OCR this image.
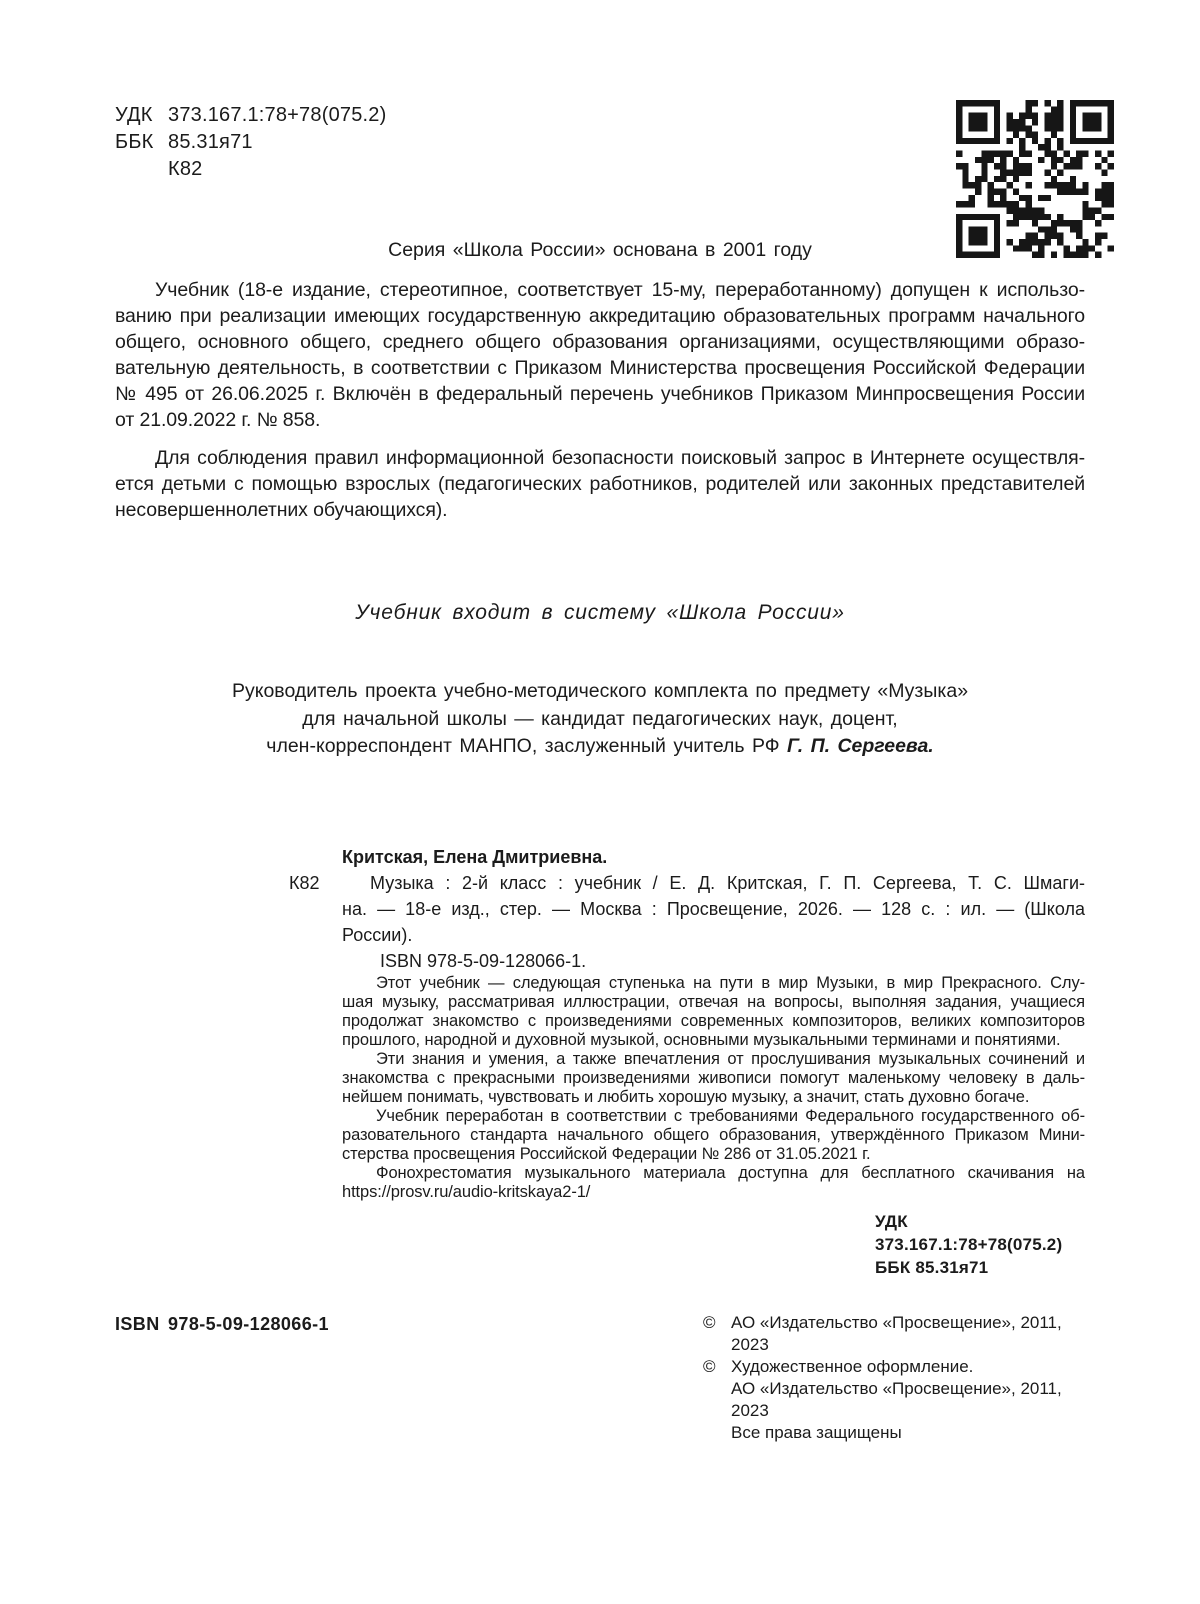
УДК 373.167.1:78+78(075.2)
ББК 85.31я71
К82
Серия «Школа России» основана в 2001 году
Учебник (18-е издание, стереотипное, соответствует 15-му, переработанному) допущен к использо-
ванию при реализации имеющих государственную аккредитацию образовательных программ начального
общего, основного общего, среднего общего образования организациями, осуществляющими образо-
вательную деятельность, в соответствии с Приказом Министерства просвещения Российской Федерации
№ 495 от 26.06.2025 г. Включён в федеральный перечень учебников Приказом Минпросвещения России
от 21.09.2022 г. № 858.
Для соблюдения правил информационной безопасности поисковый запрос в Интернете осуществля-
ется детьми с помощью взрослых (педагогических работников, родителей или законных представителей
несовершеннолетних обучающихся).
Учебник входит в систему «Школа России»
Руководитель проекта учебно-методического комплекта по предмету «Музыка»
для начальной школы — кандидат педагогических наук, доцент,
член-корреспондент МАНПО, заслуженный учитель РФ Г. П. Сергеева.
Критская, Елена Дмитриевна.
К82	Музыка : 2-й класс : учебник / Е. Д. Критская, Г. П. Сергеева, Т. С. Шмаги-
на. — 18-е изд., стер. — Москва : Просвещение, 2026. — 128 с. : ил. — (Школа
России).
ISBN 978-5-09-128066-1.
Этот учебник — следующая ступенька на пути в мир Музыки, в мир Прекрасного. Слу-
шая музыку, рассматривая иллюстрации, отвечая на вопросы, выполняя задания, учащиеся
продолжат знакомство с произведениями современных композиторов, великих композиторов
прошлого, народной и духовной музыкой, основными музыкальными терминами и понятиями.
Эти знания и умения, а также впечатления от прослушивания музыкальных сочинений и
знакомства с прекрасными произведениями живописи помогут маленькому человеку в даль-
нейшем понимать, чувствовать и любить хорошую музыку, а значит, стать духовно богаче.
Учебник переработан в соответствии с требованиями Федерального государственного об-
разовательного стандарта начального общего образования, утверждённого Приказом Мини-
стерства просвещения Российской Федерации № 286 от 31.05.2021 г.
Фонохрестоматия музыкального материала доступна для бесплатного скачивания на
https://prosv.ru/audio-kritskaya2-1/
УДК 373.167.1:78+78(075.2)
ББК 85.31я71
ISBN 978-5-09-128066-1	© АО «Издательство «Просвещение», 2011, 2023
© Художественное оформление.
АО «Издательство «Просвещение», 2011, 2023
Все права защищены
